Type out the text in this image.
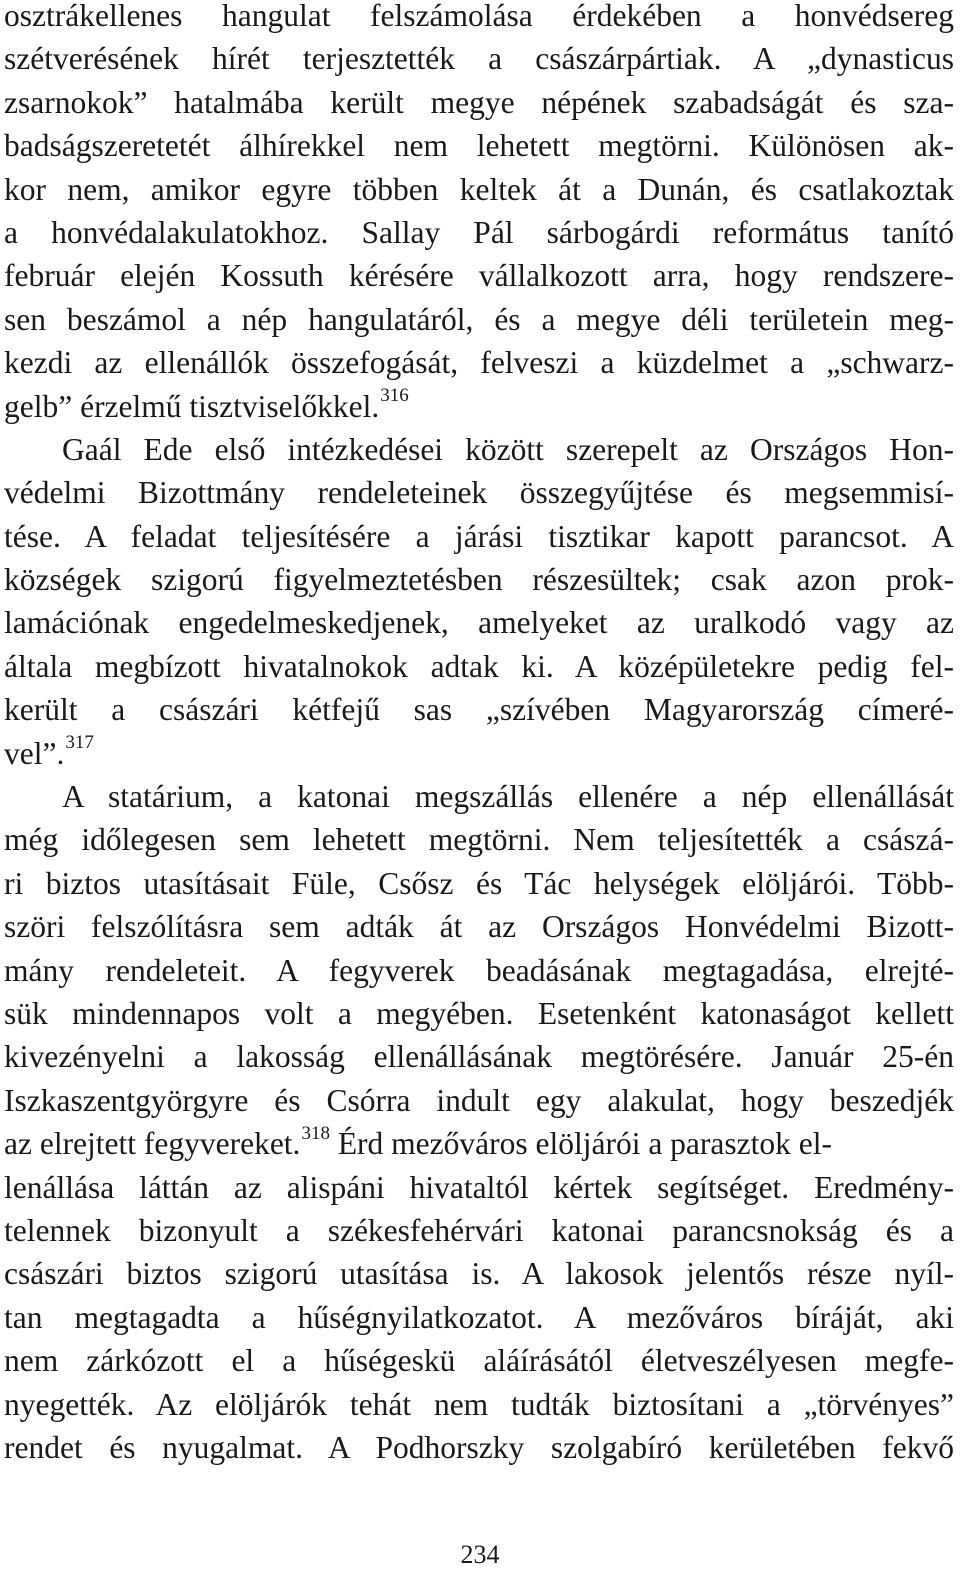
osztrákellenes hangulat felszámolása érdekében a honvédsereg
szétverésének hírét terjesztették a császárpártiak. A „dynasticus
zsarnokok” hatalmába került megye népének szabadságát és sza-
badságszeretetét álhírekkel nem lehetett megtörni. Különösen ak-
kor nem, amikor egyre többen keltek át a Dunán, és csatlakoztak
a honvédalakulatokhoz. Sallay Pál sárbogárdi református tanító
február elején Kossuth kérésére vállalkozott arra, hogy rendszere-
sen beszámol a nép hangulatáról, és a megye déli területein meg-
kezdi az ellenállók összefogását, felveszi a küzdelmet a „schwarz-
gelb” érzelmű tisztviselőkkel.$^{316}$
Gaál Ede első intézkedései között szerepelt az Országos Hon-
védelmi Bizottmány rendeleteinek összegyűjtése és megsemmisí-
tése. A feladat teljesítésére a járási tisztikar kapott parancsot. A
községek szigorú figyelmeztetésben részesültek; csak azon prok-
lamációnak engedelmeskedjenek, amelyeket az uralkodó vagy az
általa megbízott hivatalnokok adtak ki. A középületekre pedig fel-
került a császári kétfejű sas „szívében Magyarország címeré-
vel”.$^{317}$
A statárium, a katonai megszállás ellenére a nép ellenállását
még időlegesen sem lehetett megtörni. Nem teljesítették a császá-
ri biztos utasításait Füle, Csősz és Tác helységek elöljárói. Több-
szöri felszólításra sem adták át az Országos Honvédelmi Bizott-
mány rendeleteit. A fegyverek beadásának megtagadása, elrejté-
sük mindennapos volt a megyében. Esetenként katonaságot kellett
kivezényelni a lakosság ellenállásának megtörésére. Január 25-én
Iszkaszentgyörgyre és Csórra indult egy alakulat, hogy beszedjék
az elrejtett fegyvereket.$^{318}$ Érd mezőváros elöljárói a parasztok el-
lenállása láttán az alispáni hivataltól kértek segítséget. Eredmény-
telennek bizonyult a székesfehérvári katonai parancsnokság és a
császári biztos szigorú utasítása is. A lakosok jelentős része nyíl-
tan megtagadta a hűségnyilatkozatot. A mezőváros bíráját, aki
nem zárkózott el a hűségeskü aláírásától életveszélyesen megfe-
nyegették. Az elöljárók tehát nem tudták biztosítani a „törvényes”
rendet és nyugalmat. A Podhorszky szolgabíró kerületében fekvő
234
